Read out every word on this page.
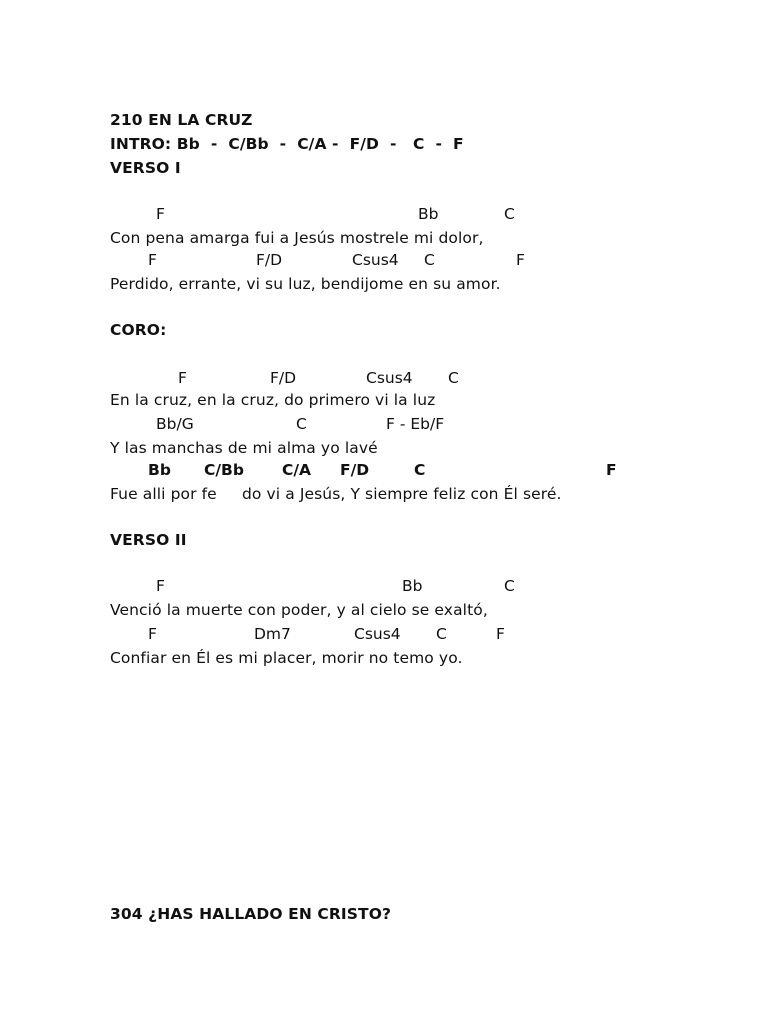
210 EN LA CRUZ
INTRO: Bb  -  C/Bb  -  C/A -  F/D  -   C  -  F
VERSO I
F	Bb	C
Con pena amarga fui a Jesús mostrele mi dolor,
F	F/D	Csus4 C	F
Perdido, errante, vi su luz, bendijome en su amor.
CORO:
F	F/D	Csus4 C
En la cruz, en la cruz, do primero vi la luz
Bb/G	C	F - Eb/F
Y las manchas de mi alma yo lavé
Bb C/Bb C/A F/D	C	F
Fue alli por fe     do vi a Jesús, Y siempre feliz con Él seré.
VERSO II
F	Bb	C
Venció la muerte con poder, y al cielo se exaltó,
F	Dm7	Csus4 C	F
Confiar en Él es mi placer, morir no temo yo.
304 ¿HAS HALLADO EN CRISTO?
